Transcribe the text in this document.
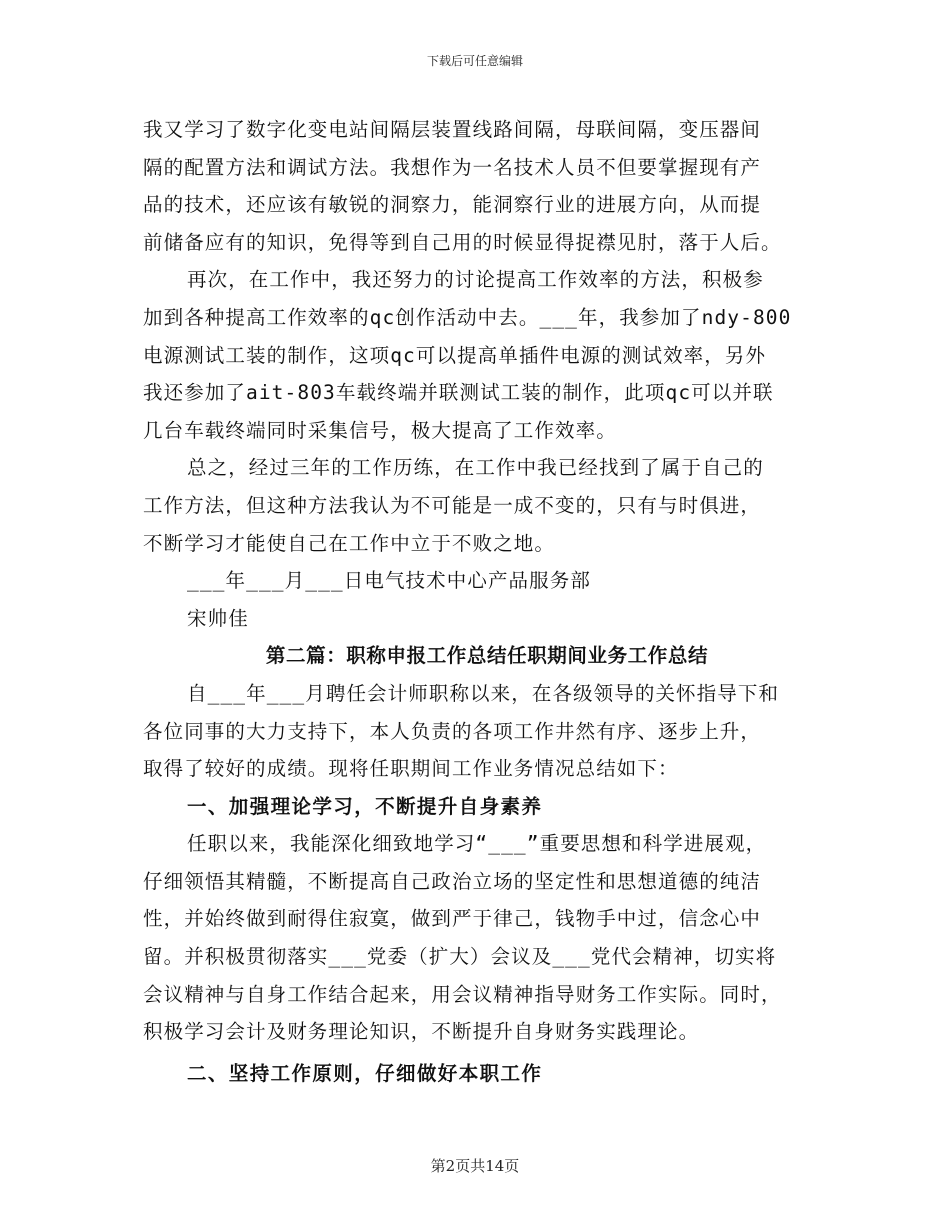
下载后可任意编辑
我又学习了数字化变电站间隔层装置线路间隔，母联间隔，变压器间
隔的配置方法和调试方法。我想作为一名技术人员不但要掌握现有产
品的技术，还应该有敏锐的洞察力，能洞察行业的进展方向，从而提
前储备应有的知识，免得等到自己用的时候显得捉襟见肘，落于人后。
再次，在工作中，我还努力的讨论提高工作效率的方法，积极参
加到各种提高工作效率的qc创作活动中去。___年，我参加了ndy-800
电源测试工装的制作，这项qc可以提高单插件电源的测试效率，另外
我还参加了ait-803车载终端并联测试工装的制作，此项qc可以并联
几台车载终端同时采集信号，极大提高了工作效率。
总之，经过三年的工作历练，在工作中我已经找到了属于自己的
工作方法，但这种方法我认为不可能是一成不变的，只有与时俱进，
不断学习才能使自己在工作中立于不败之地。
___年___月___日电气技术中心产品服务部
宋帅佳
第二篇：职称申报工作总结任职期间业务工作总结
自___年___月聘任会计师职称以来，在各级领导的关怀指导下和
各位同事的大力支持下，本人负责的各项工作井然有序、逐步上升，
取得了较好的成绩。现将任职期间工作业务情况总结如下：
一、加强理论学习，不断提升自身素养
任职以来，我能深化细致地学习“___”重要思想和科学进展观，
仔细领悟其精髓，不断提高自己政治立场的坚定性和思想道德的纯洁
性，并始终做到耐得住寂寞，做到严于律己，钱物手中过，信念心中
留。并积极贯彻落实___党委（扩大）会议及___党代会精神，切实将
会议精神与自身工作结合起来，用会议精神指导财务工作实际。同时，
积极学习会计及财务理论知识，不断提升自身财务实践理论。
二、坚持工作原则，仔细做好本职工作
第2页共14页
